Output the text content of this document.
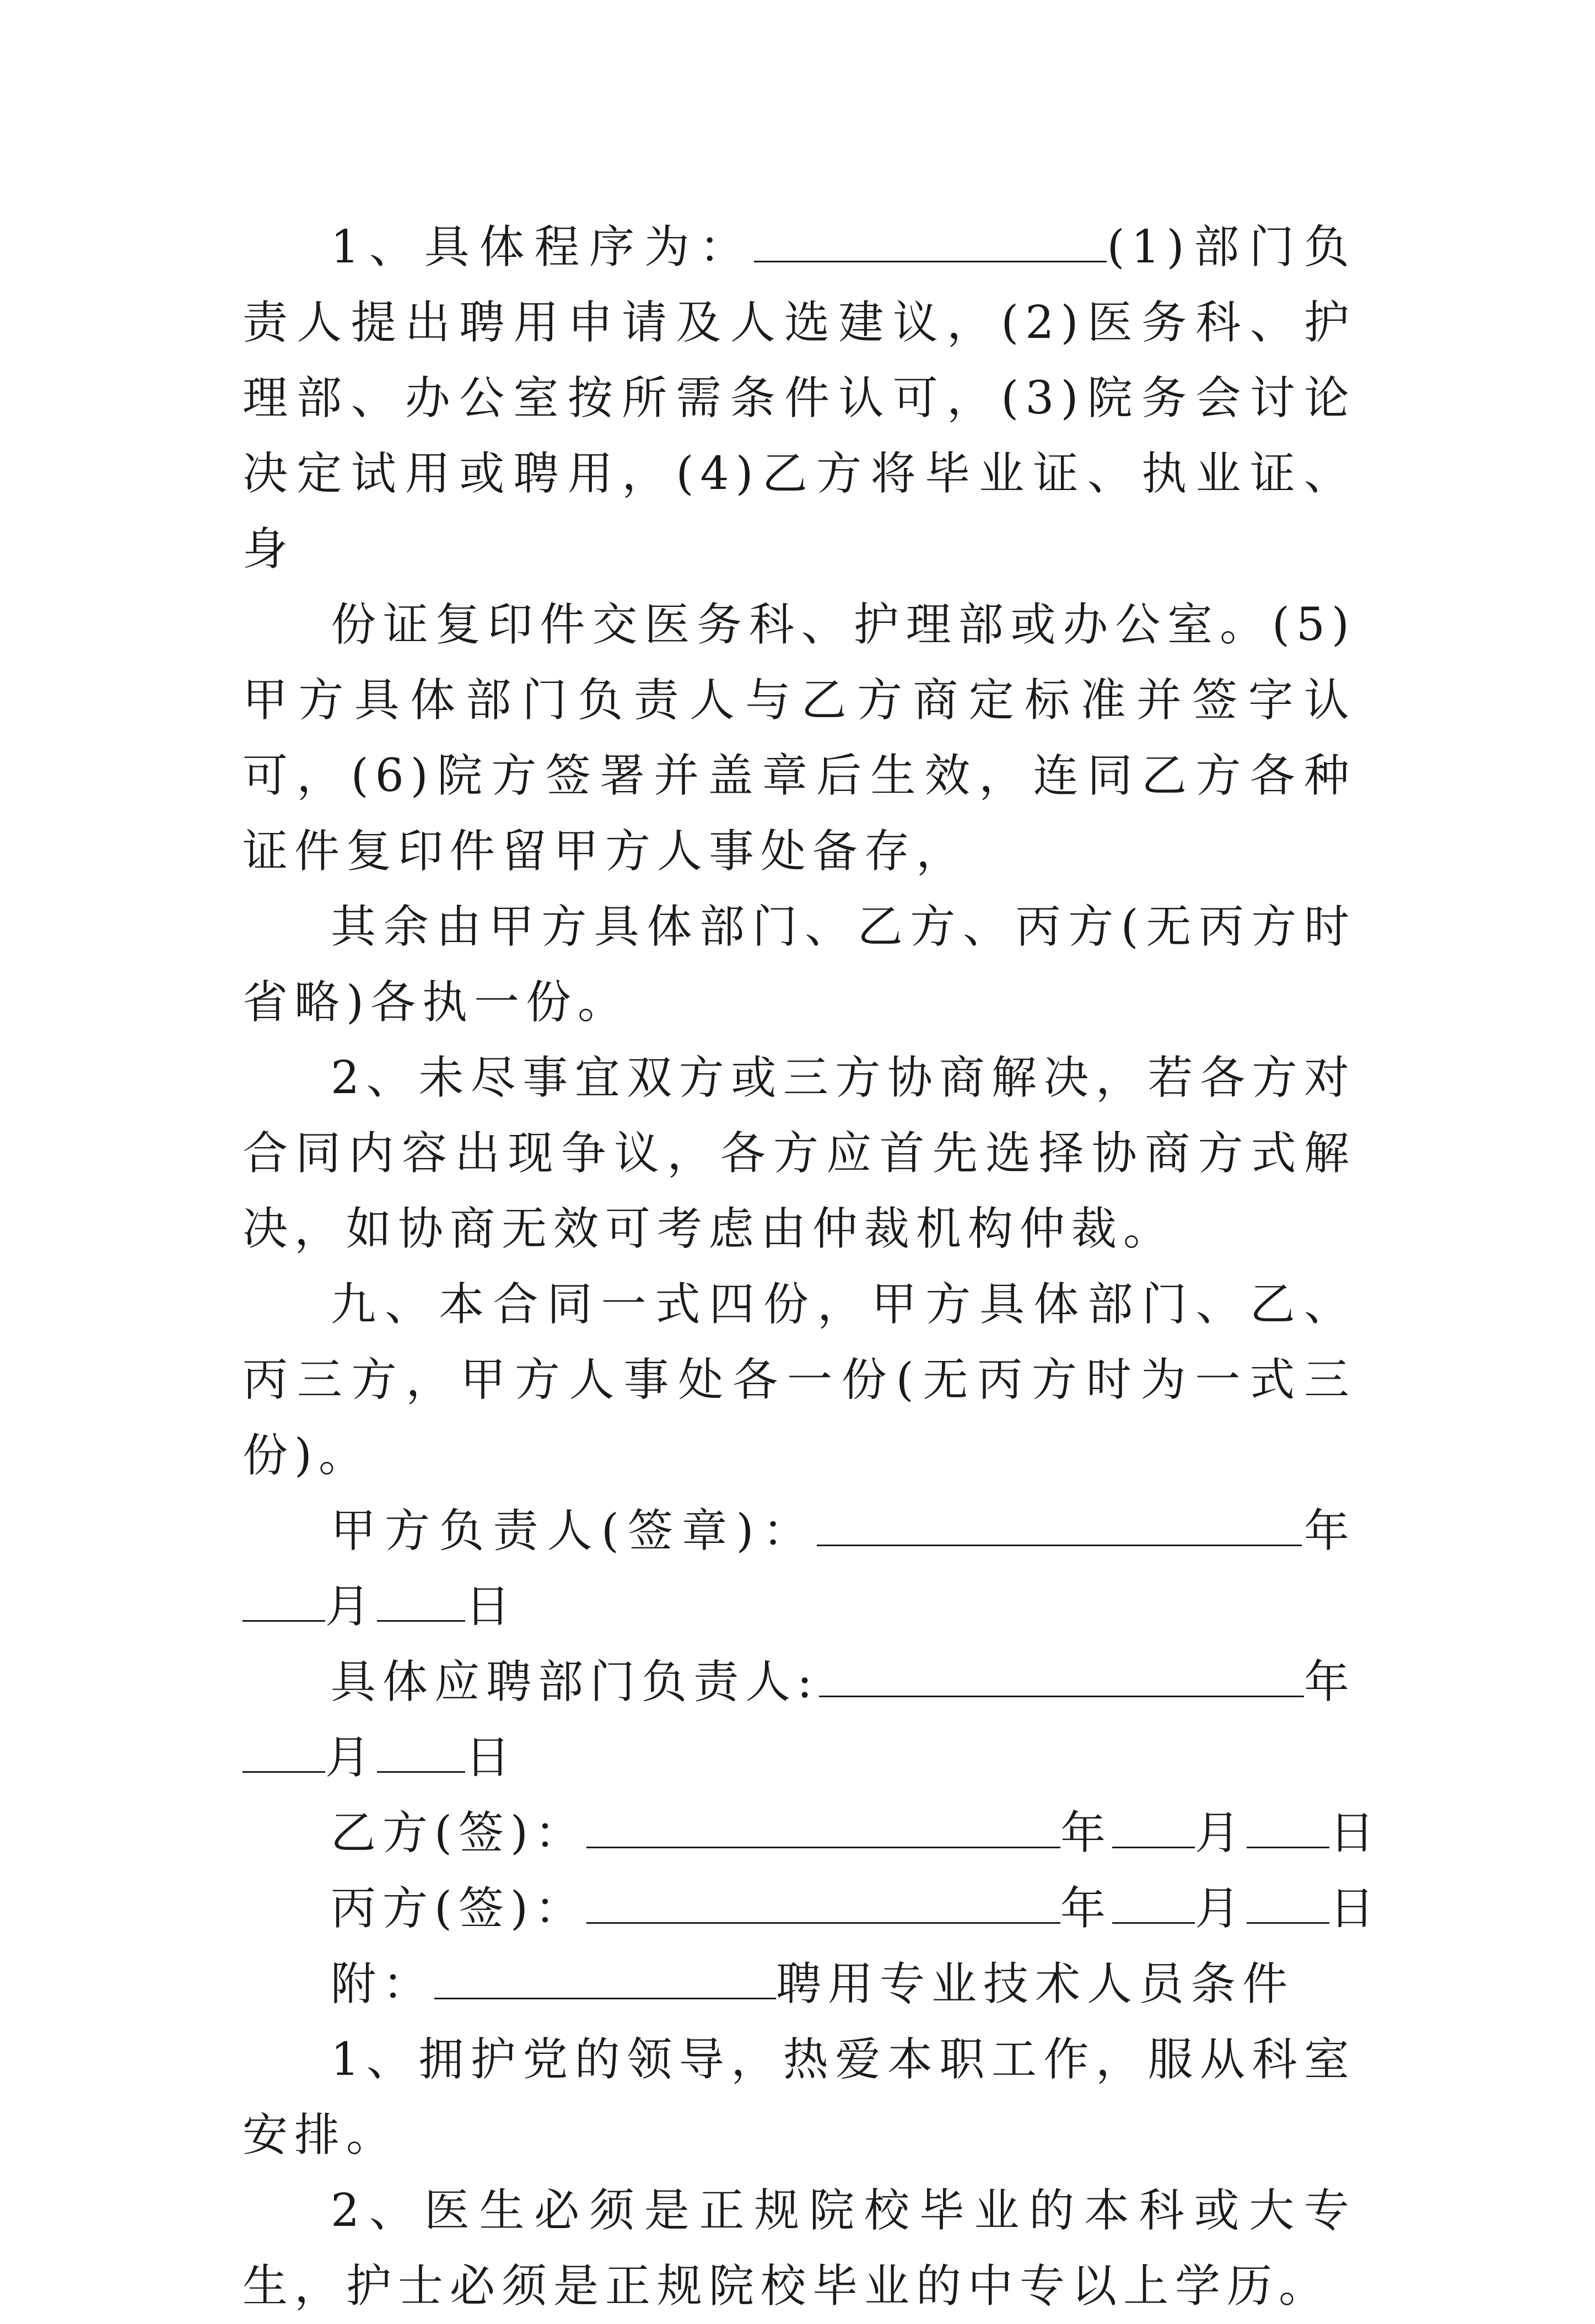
1、具体程序为：	(1)部门负责人提出聘用申请及人选建议，(2)医务科、护理部、办公室按所需条件认可，(3)院务会讨论决定试用或聘用，(4)乙方将毕业证、执业证、身

份证复印件交医务科、护理部或办公室。(5)甲方具体部门负责人与乙方商定标准并签字认可，(6)院方签署并盖章后生效，连同乙方各种证件复印件留甲方人事处备存，

其余由甲方具体部门、乙方、丙方(无丙方时省略)各执一份。

2、未尽事宜双方或三方协商解决，若各方对合同内容出现争议，各方应首先选择协商方式解决，如协商无效可考虑由仲裁机构仲裁。

九、本合同一式四份，甲方具体部门、乙、丙三方，甲方人事处各一份(无丙方时为一式三份)。

甲方负责人(签章)：	年月 日

具体应聘部门负责人:	年月 日

乙方(签)：	年 月 日

丙方(签)：	年 月 日

附：	聘用专业技术人员条件

1、拥护党的领导，热爱本职工作，服从科室安排。

2、医生必须是正规院校毕业的本科或大专生，护士必须是正规院校毕业的中专以上学历。
